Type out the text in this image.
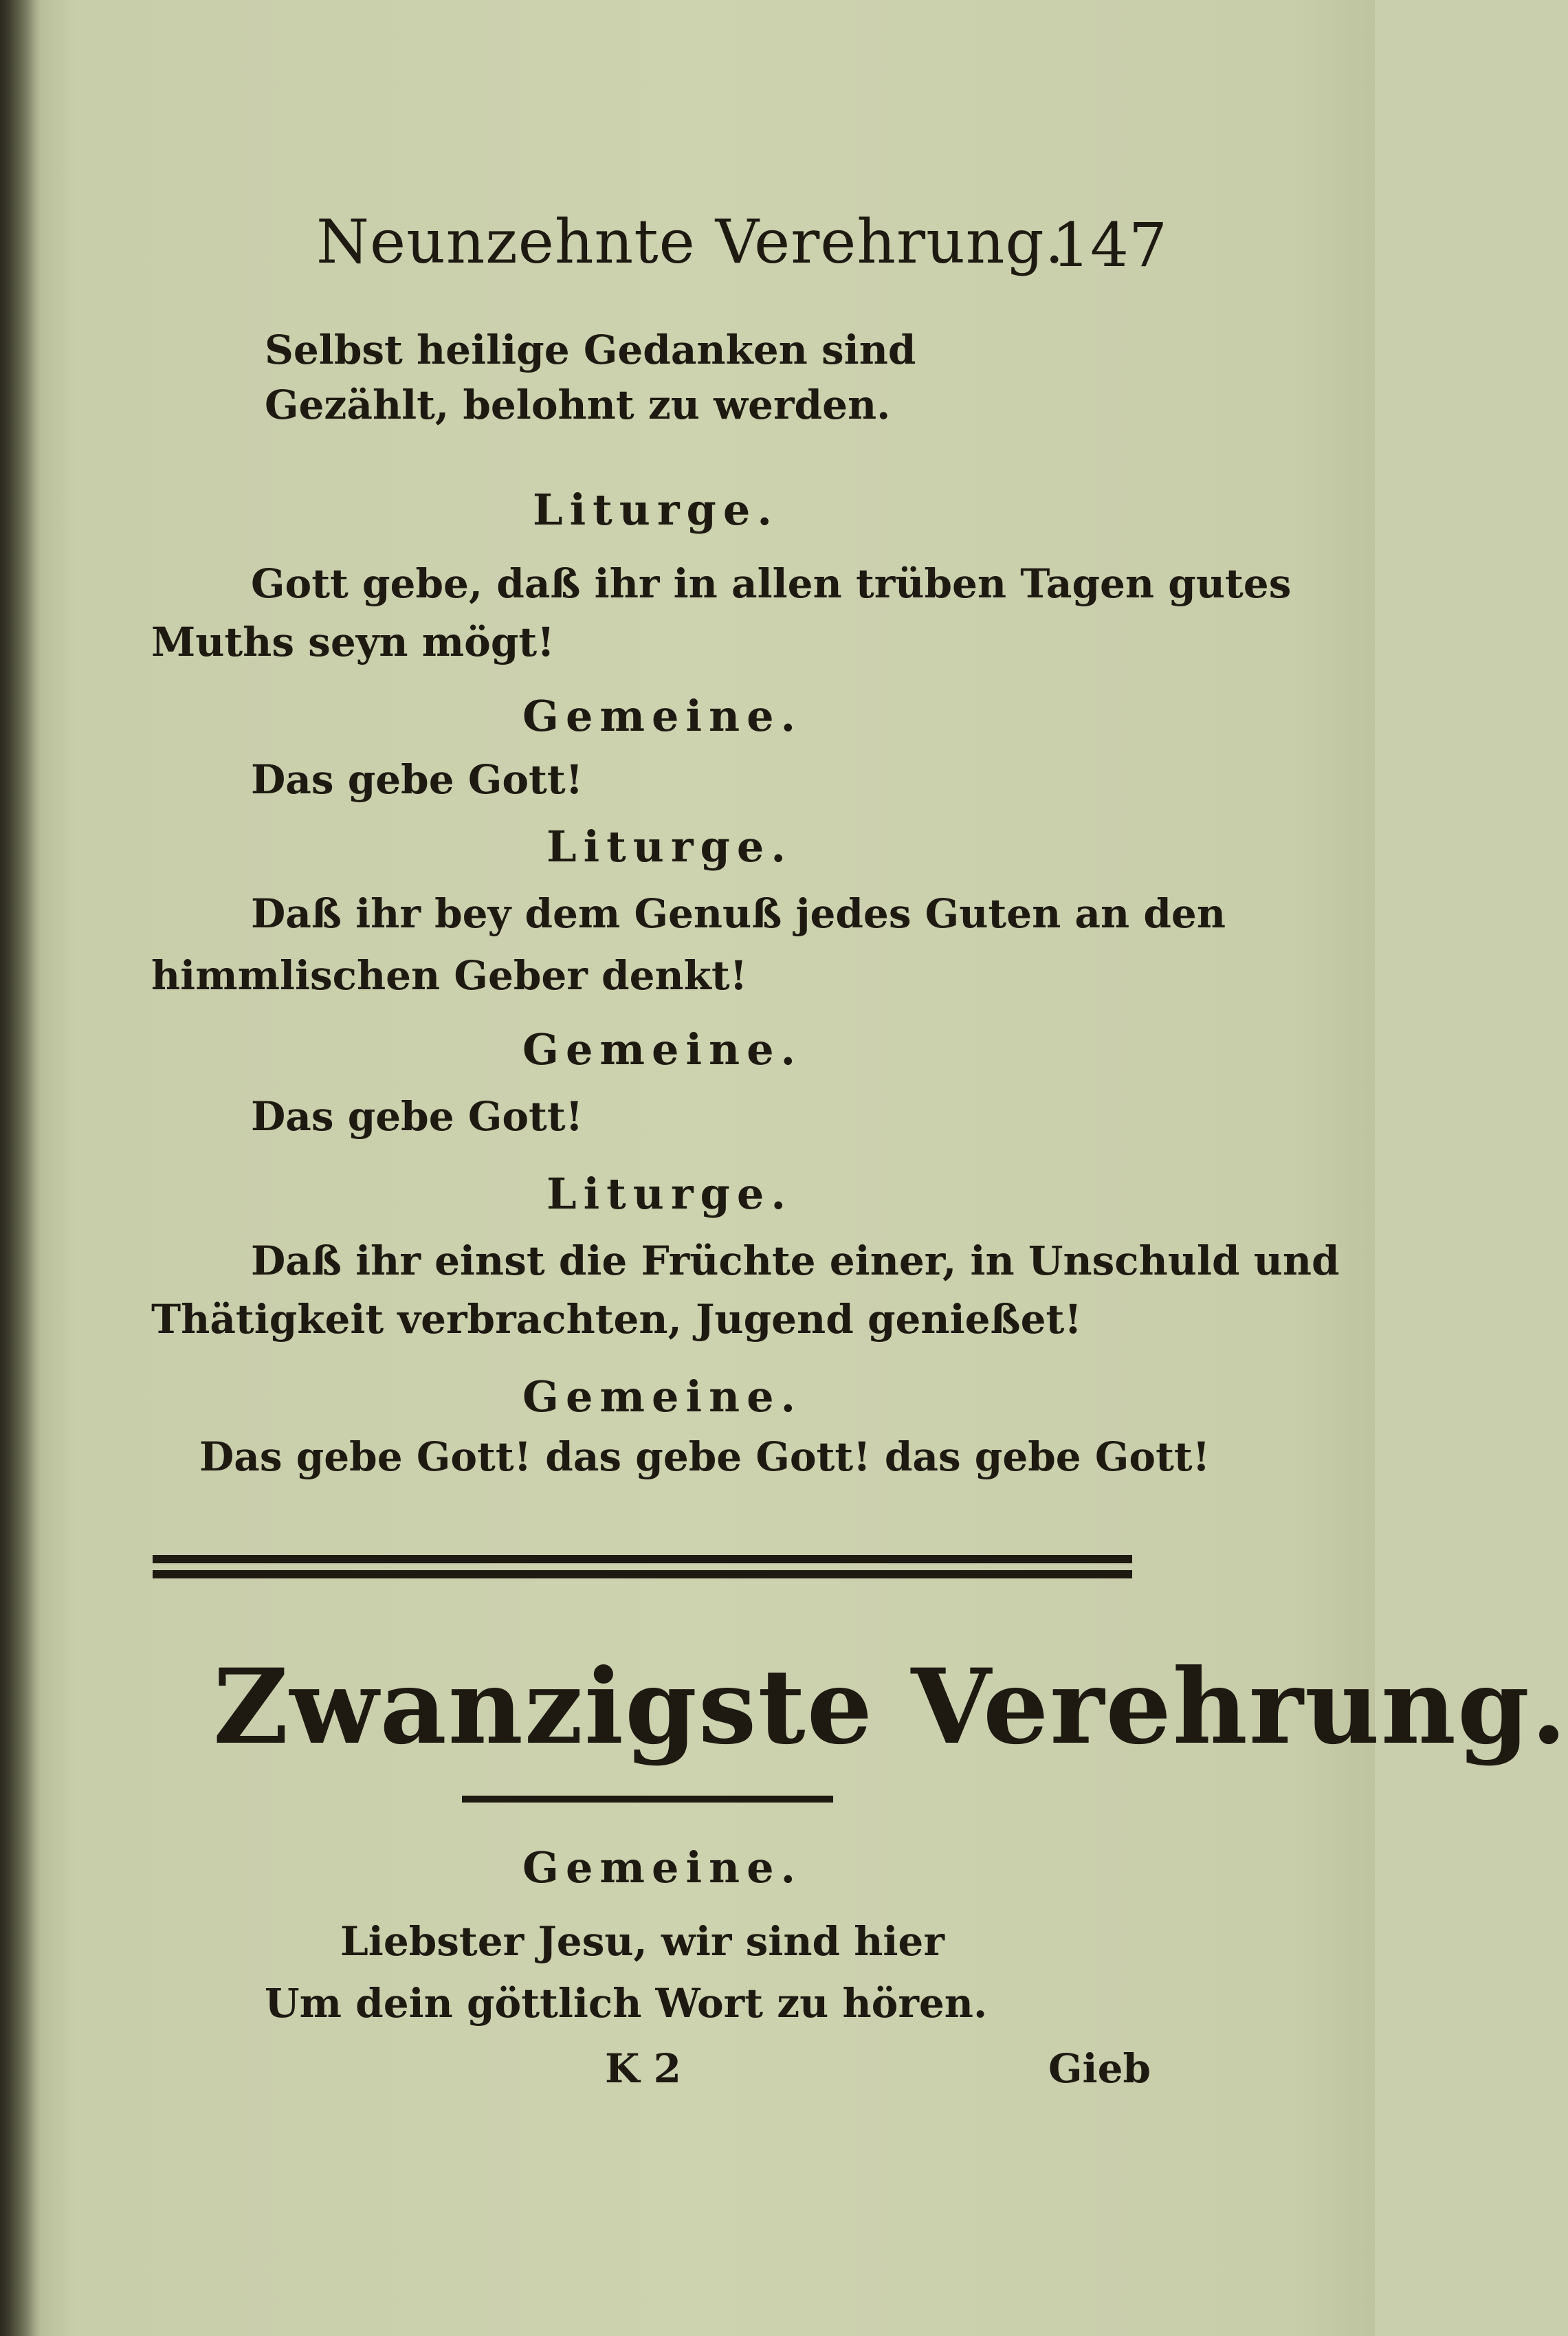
Neunzehnte Verehrung.

147

Selbst heilige Gedanken sind

Gezählt, belohnt zu werden.

Liturge.

Gott gebe, daß ihr in allen trüben Tagen gutes

Muths seyn mögt!

Gemeine.

Das gebe Gott!

Liturge.

Daß ihr bey dem Genuß jedes Guten an den

himmlischen Geber denkt!

Gemeine.

Das gebe Gott!

Liturge.

Daß ihr einst die Früchte einer, in Unschuld und

Thätigkeit verbrachten, Jugend genießet!

Gemeine.

Das gebe Gott! das gebe Gott! das gebe Gott!

Zwanzigste Verehrung.

Gemeine.

Liebster Jesu, wir sind hier

Um dein göttlich Wort zu hören.

K 2	Gieb
